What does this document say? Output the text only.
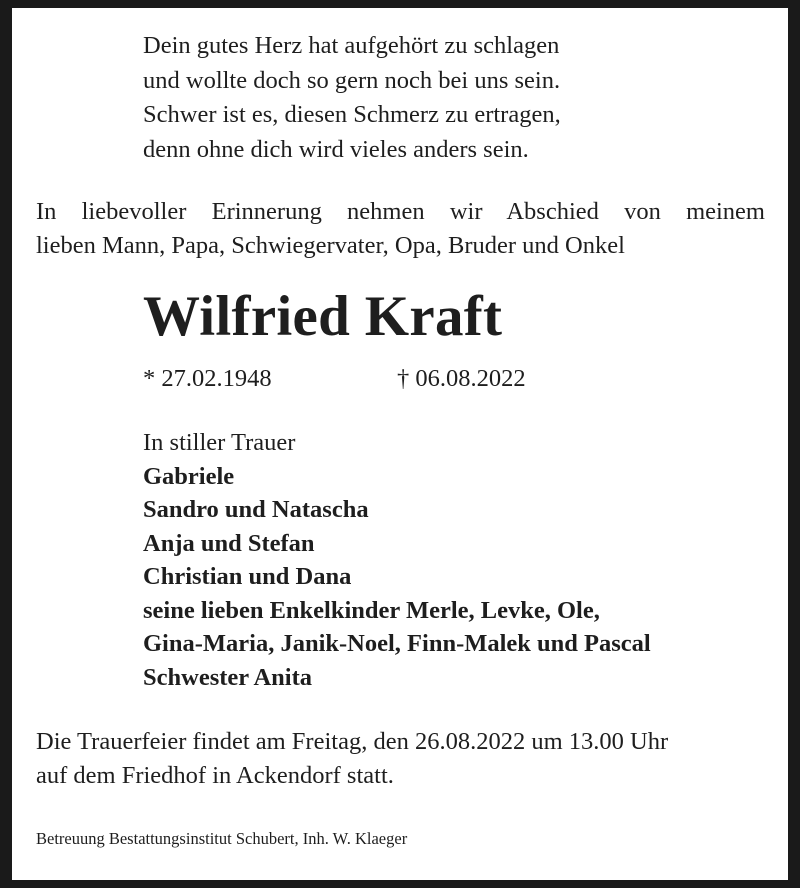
Dein gutes Herz hat aufgehört zu schlagen
und wollte doch so gern noch bei uns sein.
Schwer ist es, diesen Schmerz zu ertragen,
denn ohne dich wird vieles anders sein.
In liebevoller Erinnerung nehmen wir Abschied von meinem
lieben Mann, Papa, Schwiegervater, Opa, Bruder und Onkel
Wilfried Kraft
* 27.02.1948	† 06.08.2022
In stiller Trauer
Gabriele
Sandro und Natascha
Anja und Stefan
Christian und Dana
seine lieben Enkelkinder Merle, Levke, Ole,
Gina-Maria, Janik-Noel, Finn-Malek und Pascal
Schwester Anita
Die Trauerfeier findet am Freitag, den 26.08.2022 um 13.00 Uhr
auf dem Friedhof in Ackendorf statt.
Betreuung Bestattungsinstitut Schubert, Inh. W. Klaeger
